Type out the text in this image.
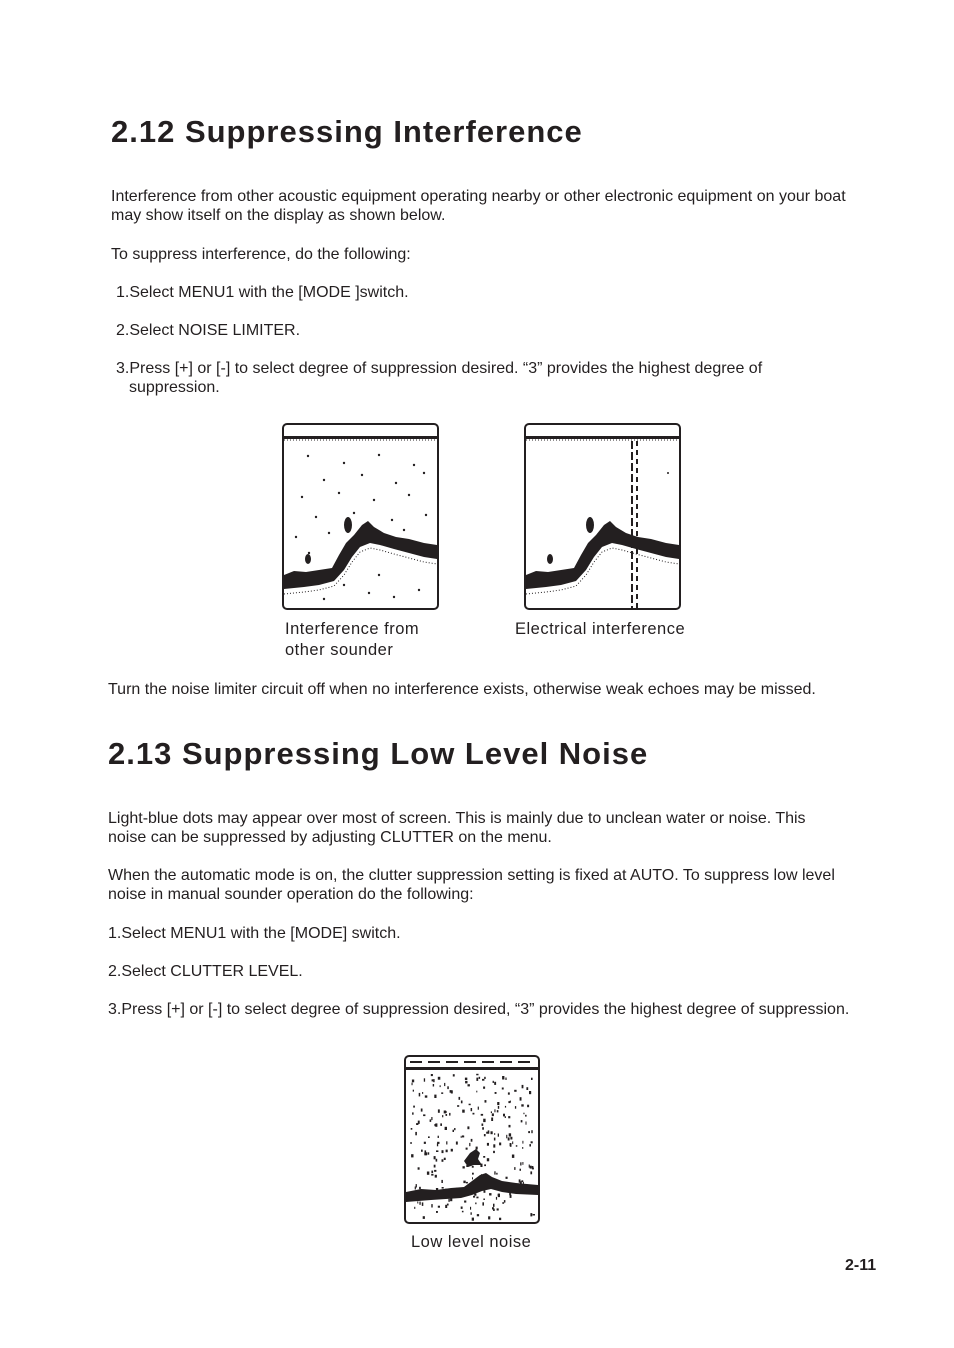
2.12 Suppressing Interference

Interference from other acoustic equipment operating nearby or other electronic equipment on your boat may show itself on the display as shown below.

To suppress interference, do the following:

1.Select MENU1 with the [MODE ]switch.

2.Select NOISE LIMITER.

3.Press [+] or [-] to select degree of suppression desired. “3” provides the highest degree of suppression.

Interference from
other sounder
Electrical interference

Turn the noise limiter circuit off when no interference exists, otherwise weak echoes may be missed.

2.13 Suppressing Low Level Noise

Light-blue dots may appear over most of screen. This is mainly due to unclean water or noise. This noise can be suppressed by adjusting CLUTTER on the menu.

When the automatic mode is on, the clutter suppression setting is fixed at AUTO. To suppress low level noise in manual sounder operation do the following:

1.Select MENU1 with the [MODE] switch.

2.Select CLUTTER LEVEL.

3.Press [+] or [-] to select degree of suppression desired, “3” provides the highest degree of suppression.

Low level noise
2-11
